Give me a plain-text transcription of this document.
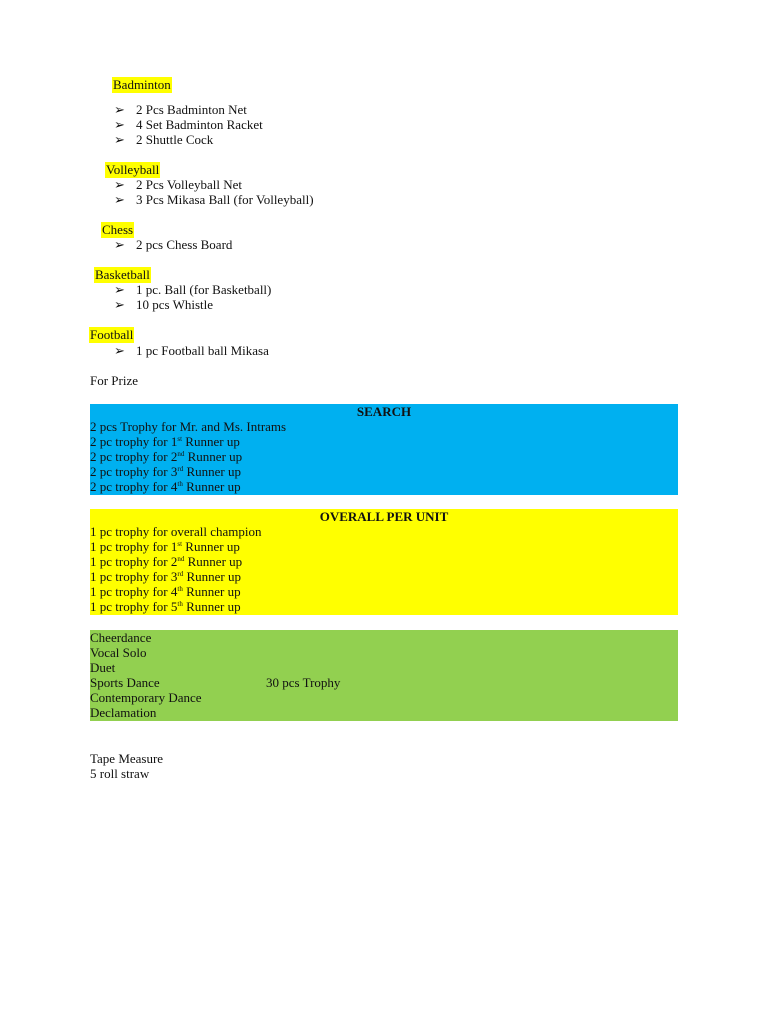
Badminton
➢ 2 Pcs Badminton Net
➢ 4 Set Badminton Racket
➢ 2 Shuttle Cock
Volleyball
➢ 2 Pcs Volleyball Net
➢ 3 Pcs Mikasa Ball (for Volleyball)
Chess
➢ 2 pcs Chess Board
Basketball
➢ 1 pc. Ball (for Basketball)
➢ 10 pcs Whistle
Football
➢ 1 pc Football ball Mikasa
For Prize
SEARCH
2 pcs Trophy for Mr. and Ms. Intrams
2 pc trophy for 1st Runner up
2 pc trophy for 2nd Runner up
2 pc trophy for 3rd Runner up
2 pc trophy for 4th Runner up
OVERALL PER UNIT
1 pc trophy for overall champion
1 pc trophy for 1st Runner up
1 pc trophy for 2nd Runner up
1 pc trophy for 3rd Runner up
1 pc trophy for 4th Runner up
1 pc trophy for 5th Runner up
Cheerdance
Vocal Solo
Duet
Sports Dance	30 pcs Trophy
Contemporary Dance
Declamation
Tape Measure
5 roll straw
